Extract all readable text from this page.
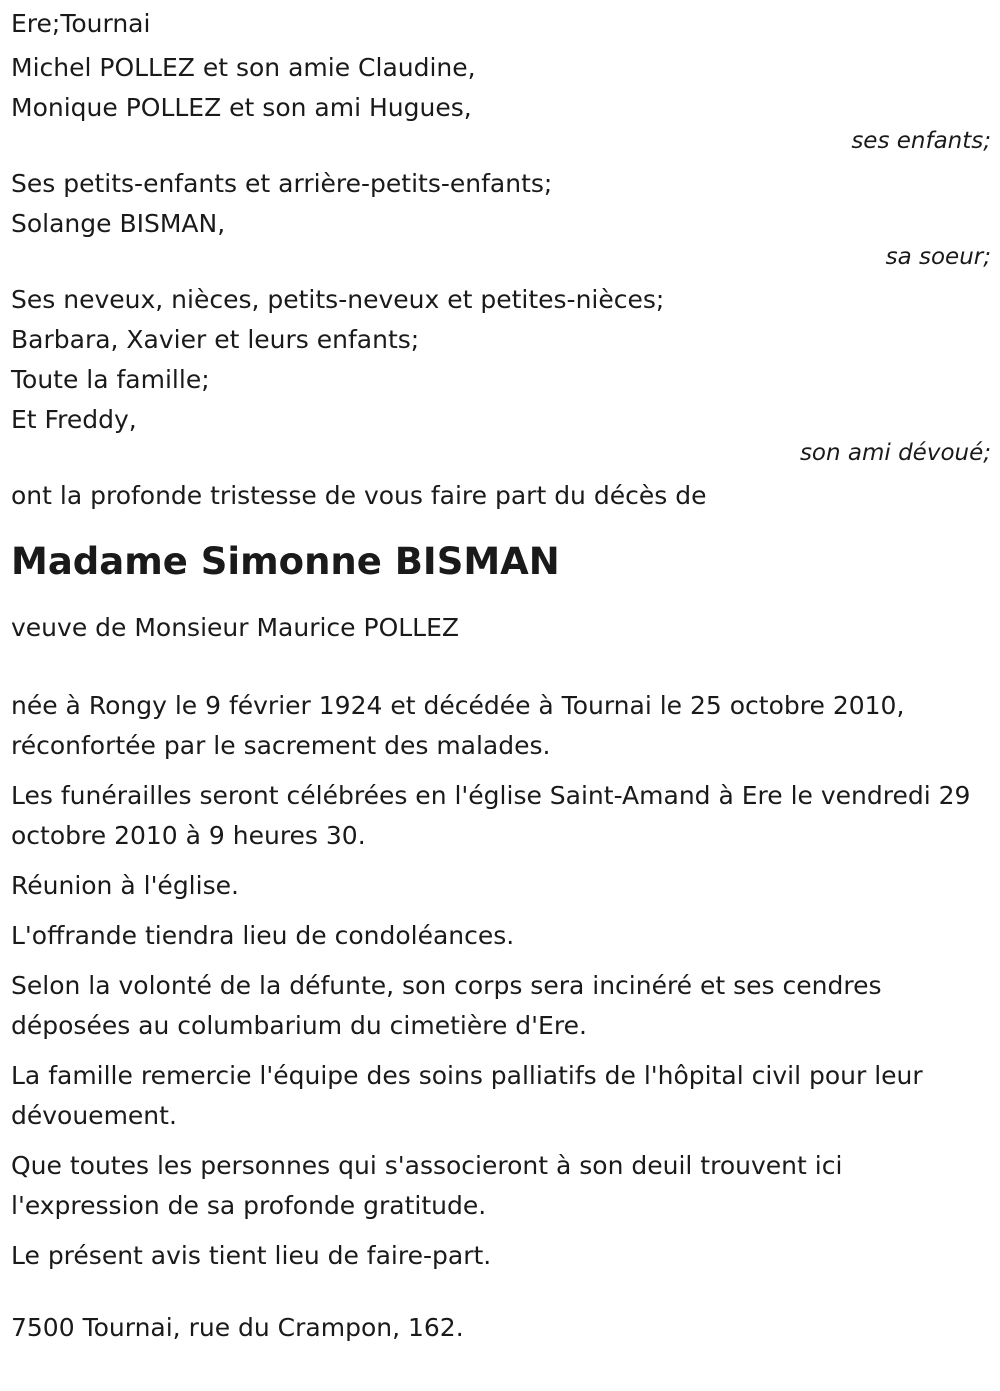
Ere;Tournai

Michel POLLEZ et son amie Claudine,

Monique POLLEZ et son ami Hugues,

ses enfants;

Ses petits-enfants et arrière-petits-enfants;

Solange BISMAN,

sa soeur;

Ses neveux, nièces, petits-neveux et petites-nièces;

Barbara, Xavier et leurs enfants;

Toute la famille;

Et Freddy,

son ami dévoué;

ont la profonde tristesse de vous faire part du décès de

Madame Simonne BISMAN

veuve de Monsieur Maurice POLLEZ

née à Rongy le 9 février 1924 et décédée à Tournai le 25 octobre 2010, réconfortée par le sacrement des malades.

Les funérailles seront célébrées en l'église Saint-Amand à Ere le vendredi 29 octobre 2010 à 9 heures 30.

Réunion à l'église.

L'offrande tiendra lieu de condoléances.

Selon la volonté de la défunte, son corps sera incinéré et ses cendres déposées au columbarium du cimetière d'Ere.

La famille remercie l'équipe des soins palliatifs de l'hôpital civil pour leur dévouement.

Que toutes les personnes qui s'associeront à son deuil trouvent ici l'expression de sa profonde gratitude.

Le présent avis tient lieu de faire-part.

7500 Tournai, rue du Crampon, 162.
